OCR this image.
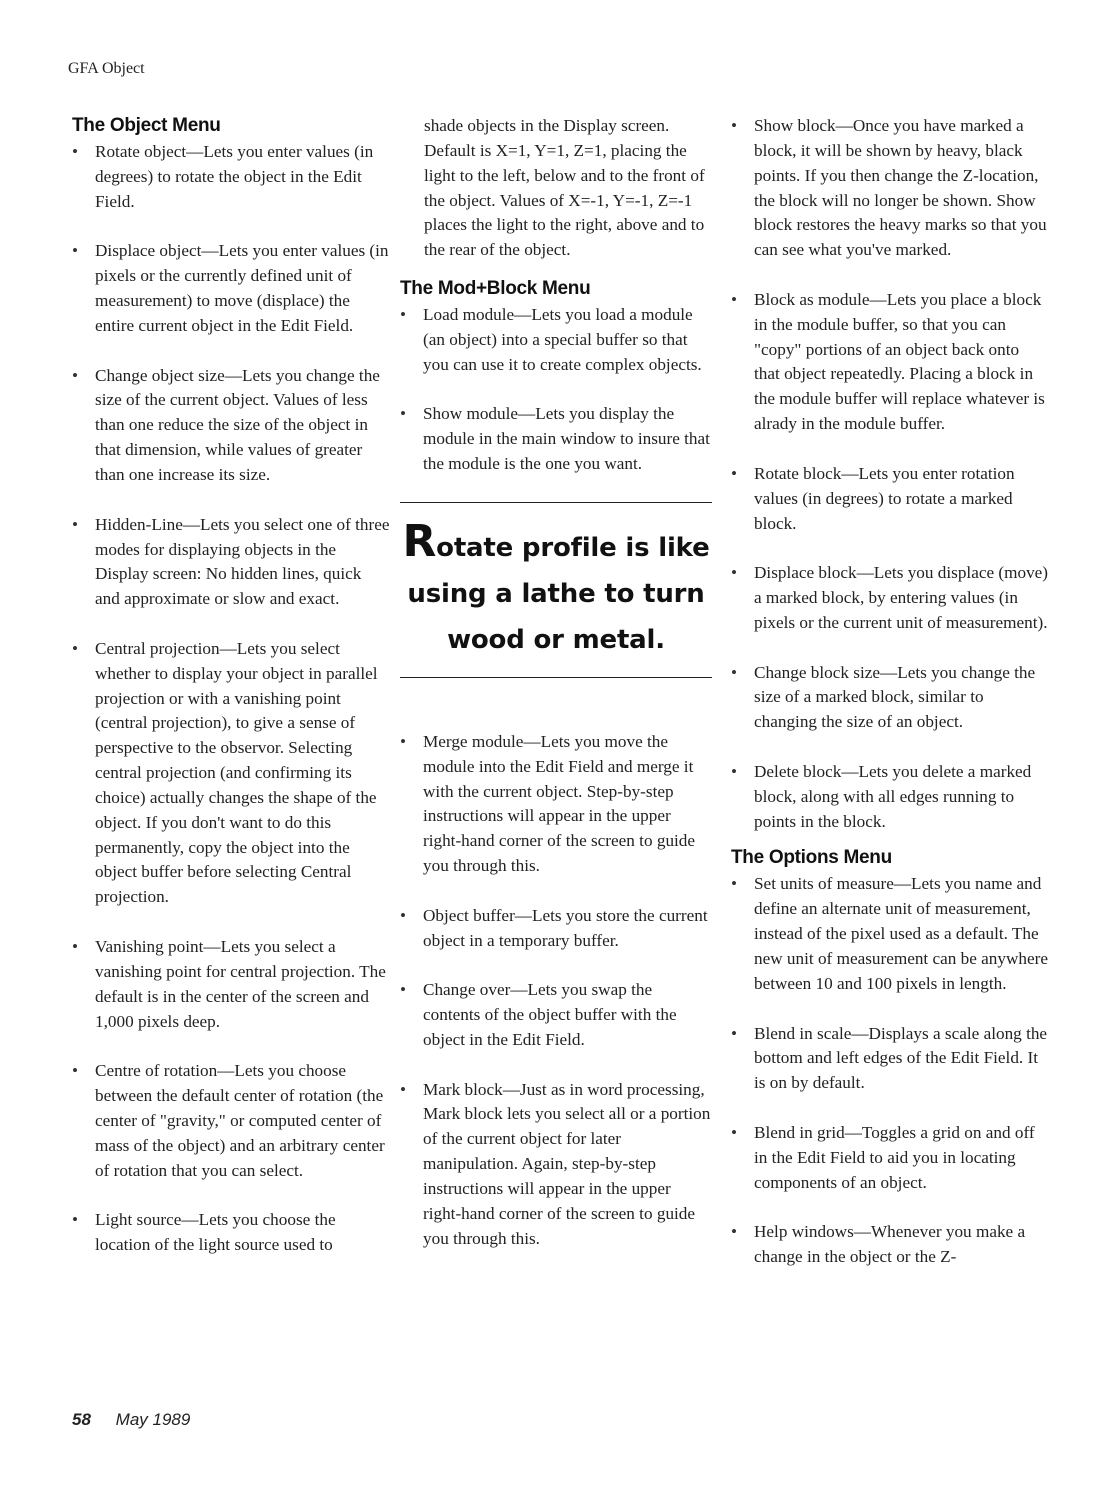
GFA Object
The Object Menu
• Rotate object—Lets you enter values (in degrees) to rotate the object in the Edit Field.
• Displace object—Lets you enter values (in pixels or the currently defined unit of measurement) to move (displace) the entire current object in the Edit Field.
• Change object size—Lets you change the size of the current object. Values of less than one reduce the size of the object in that dimension, while values of greater than one increase its size.
• Hidden-Line—Lets you select one of three modes for displaying objects in the Display screen: No hidden lines, quick and approximate or slow and exact.
• Central projection—Lets you select whether to display your object in parallel projection or with a vanishing point (central projection), to give a sense of perspective to the observor. Selecting central projection (and confirming its choice) actually changes the shape of the object. If you don't want to do this permanently, copy the object into the object buffer before selecting Central projection.
• Vanishing point—Lets you select a vanishing point for central projection. The default is in the center of the screen and 1,000 pixels deep.
• Centre of rotation—Lets you choose between the default center of rotation (the center of "gravity," or computed center of mass of the object) and an arbitrary center of rotation that you can select.
• Light source—Lets you choose the location of the light source used to
shade objects in the Display screen. Default is X=1, Y=1, Z=1, placing the light to the left, below and to the front of the object. Values of X=-1, Y=-1, Z=-1 places the light to the right, above and to the rear of the object.
The Mod+Block Menu
• Load module—Lets you load a module (an object) into a special buffer so that you can use it to create complex objects.
• Show module—Lets you display the module in the main window to insure that the module is the one you want.
Rotate profile is like using a lathe to turn wood or metal.
• Merge module—Lets you move the module into the Edit Field and merge it with the current object. Step-by-step instructions will appear in the upper right-hand corner of the screen to guide you through this.
• Object buffer—Lets you store the current object in a temporary buffer.
• Change over—Lets you swap the contents of the object buffer with the object in the Edit Field.
• Mark block—Just as in word processing, Mark block lets you select all or a portion of the current object for later manipulation. Again, step-by-step instructions will appear in the upper right-hand corner of the screen to guide you through this.
• Show block—Once you have marked a block, it will be shown by heavy, black points. If you then change the Z-location, the block will no longer be shown. Show block restores the heavy marks so that you can see what you've marked.
• Block as module—Lets you place a block in the module buffer, so that you can "copy" portions of an object back onto that object repeatedly. Placing a block in the module buffer will replace whatever is alrady in the module buffer.
• Rotate block—Lets you enter rotation values (in degrees) to rotate a marked block.
• Displace block—Lets you displace (move) a marked block, by entering values (in pixels or the current unit of measurement).
• Change block size—Lets you change the size of a marked block, similar to changing the size of an object.
• Delete block—Lets you delete a marked block, along with all edges running to points in the block.
The Options Menu
• Set units of measure—Lets you name and define an alternate unit of measurement, instead of the pixel used as a default. The new unit of measurement can be anywhere between 10 and 100 pixels in length.
• Blend in scale—Displays a scale along the bottom and left edges of the Edit Field. It is on by default.
• Blend in grid—Toggles a grid on and off in the Edit Field to aid you in locating components of an object.
• Help windows—Whenever you make a change in the object or the Z-
58 May 1989
